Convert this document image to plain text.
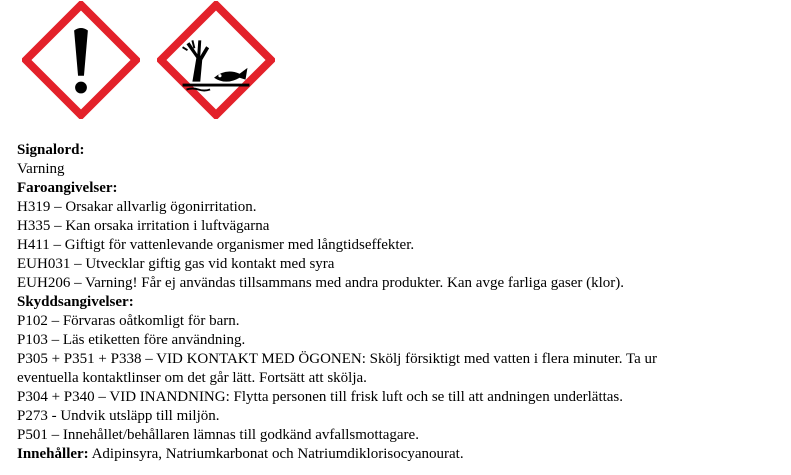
Signalord:
Varning
Faroangivelser:
H319 – Orsakar allvarlig ögonirritation.
H335 – Kan orsaka irritation i luftvägarna
H411 – Giftigt för vattenlevande organismer med långtidseffekter.
EUH031 – Utvecklar giftig gas vid kontakt med syra
EUH206 – Varning! Får ej användas tillsammans med andra produkter. Kan avge farliga gaser (klor).
Skyddsangivelser:
P102 – Förvaras oåtkomligt för barn.
P103 – Läs etiketten före användning.
P305 + P351 + P338 – VID KONTAKT MED ÖGONEN: Skölj försiktigt med vatten i flera minuter. Ta ur
eventuella kontaktlinser om det går lätt. Fortsätt att skölja.
P304 + P340 – VID INANDNING: Flytta personen till frisk luft och se till att andningen underlättas.
P273 - Undvik utsläpp till miljön.
P501 – Innehållet/behållaren lämnas till godkänd avfallsmottagare.
Innehåller: Adipinsyra, Natriumkarbonat och Natriumdiklorisocyanourat.
